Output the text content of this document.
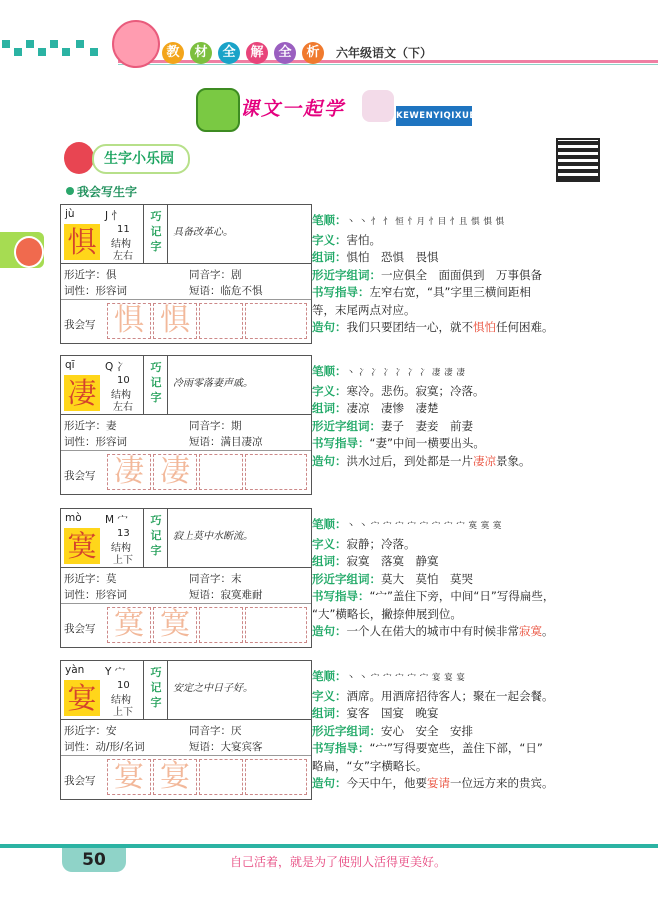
教	材	全	解	全	析	六年级语文（下）
课文一起学	KEWENYIQIXUE
生字小乐园
我会写生字
jù	J 忄
惧	11
结构
左右
巧
记
字
具备改革心。
形近字：俱	同音字：剧
词性：形容词	短语：临危不惧
我会写 惧 惧
笔顺：丶 丶 忄 忄 恒 忄月 忄目 忄且 惧 惧 惧
字义：害怕。
组词：惧怕　恐惧　畏惧
形近字组词：一应俱全　面面俱到　万事俱备
书写指导：左窄右宽，“具”字里三横间距相
等，末尾两点对应。
造句：我们只要团结一心，就不惧怕任何困难。
qī	Q 冫
凄	10
结构
左右
巧
记
字
冷雨零落妻声戚。
形近字：妻	同音字：期
词性：形容词	短语：满目凄凉
我会写 凄 凄
笔顺：丶 冫 冫 冫 冫 冫 冫 凄 凄 凄
字义：寒冷。悲伤。寂寞；冷落。
组词：凄凉　凄惨　凄楚
形近字组词：妻子　妻妾　前妻
书写指导：“妻”中间一横要出头。
造句：洪水过后，到处都是一片凄凉景象。
mò M 宀
寞	13
结构
上下
巧
记
字
寂上莫中水断流。
形近字：莫	同音字：末
词性：形容词	短语：寂寞难耐
我会写 寞 寞
笔顺：丶 丶 宀 宀 宀 宀 宀 宀 宀 宀 寞 寞 寞
字义：寂静；冷落。
组词：寂寞　落寞　静寞
形近字组词：莫大　莫怕　莫哭
书写指导：“宀”盖住下旁，中间“日”写得扁些，
“大”横略长，撇捺伸展到位。
造句：一个人在偌大的城市中有时候非常寂寞。
yàn Y 宀
宴	10
结构
上下
巧
记
字
安定之中日子好。
形近字：安	同音字：厌
词性：动/形/名词	短语：大宴宾客
我会写 宴 宴
笔顺：丶 丶 宀 宀 宀 宀 宀 宴 宴 宴
字义：酒席。用酒席招待客人；聚在一起会餐。
组词：宴客　国宴　晚宴
形近字组词：安心　安全　安排
书写指导：“宀”写得要宽些，盖住下部，“日”
略扁，“女”字横略长。
造句：今天中午，他要宴请一位远方来的贵宾。
50	自己活着，就是为了使别人活得更美好。
